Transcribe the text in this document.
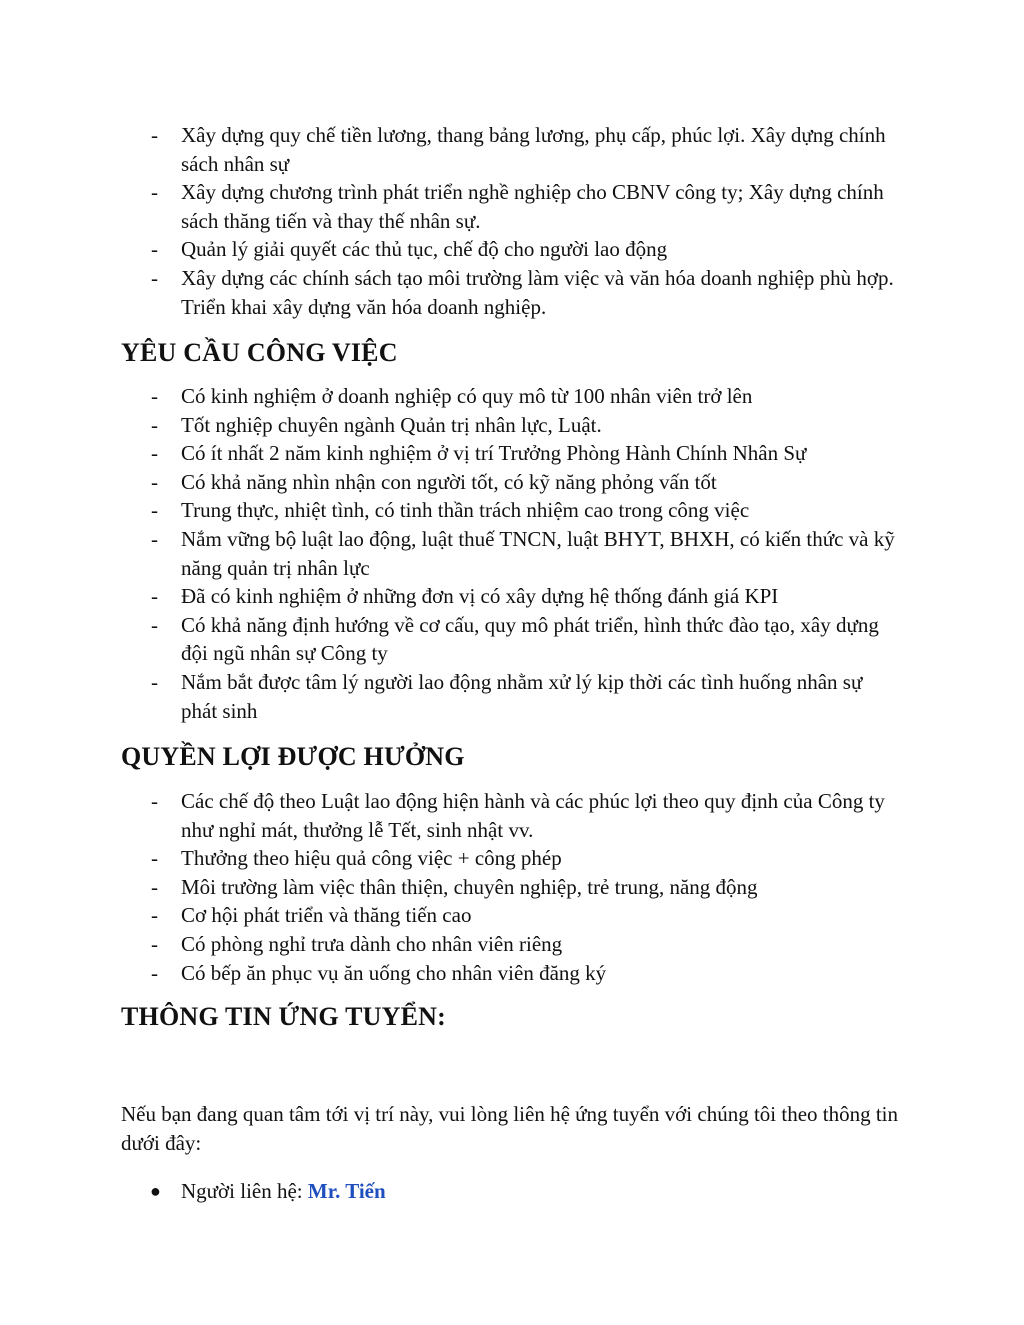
- Xây dựng quy chế tiền lương, thang bảng lương, phụ cấp, phúc lợi. Xây dựng chính sách nhân sự
- Xây dựng chương trình phát triển nghề nghiệp cho CBNV công ty; Xây dựng chính sách thăng tiến và thay thế nhân sự.
- Quản lý giải quyết các thủ tục, chế độ cho người lao động
- Xây dựng các chính sách tạo môi trường làm việc và văn hóa doanh nghiệp phù hợp. Triển khai xây dựng văn hóa doanh nghiệp.
YÊU CẦU CÔNG VIỆC
- Có kinh nghiệm ở doanh nghiệp có quy mô từ 100 nhân viên trở lên
- Tốt nghiệp chuyên ngành Quản trị nhân lực, Luật.
- Có ít nhất 2 năm kinh nghiệm ở vị trí Trưởng Phòng Hành Chính Nhân Sự
- Có khả năng nhìn nhận con người tốt, có kỹ năng phỏng vấn tốt
- Trung thực, nhiệt tình, có tinh thần trách nhiệm cao trong công việc
- Nắm vững bộ luật lao động, luật thuế TNCN, luật BHYT, BHXH, có kiến thức và kỹ năng quản trị nhân lực
- Đã có kinh nghiệm ở những đơn vị có xây dựng hệ thống đánh giá KPI
- Có khả năng định hướng về cơ cấu, quy mô phát triển, hình thức đào tạo, xây dựng đội ngũ nhân sự Công ty
- Nắm bắt được tâm lý người lao động nhằm xử lý kịp thời các tình huống nhân sự phát sinh
QUYỀN LỢI ĐƯỢC HƯỞNG
- Các chế độ theo Luật lao động hiện hành và các phúc lợi theo quy định của Công ty như nghỉ mát, thưởng lễ Tết, sinh nhật vv.
- Thưởng theo hiệu quả công việc + công phép
- Môi trường làm việc thân thiện, chuyên nghiệp, trẻ trung, năng động
- Cơ hội phát triển và thăng tiến cao
- Có phòng nghỉ trưa dành cho nhân viên riêng
- Có bếp ăn phục vụ ăn uống cho nhân viên đăng ký
THÔNG TIN ỨNG TUYỂN:

Nếu bạn đang quan tâm tới vị trí này, vui lòng liên hệ ứng tuyển với chúng tôi theo thông tin dưới đây:

● Người liên hệ: Mr. Tiến
